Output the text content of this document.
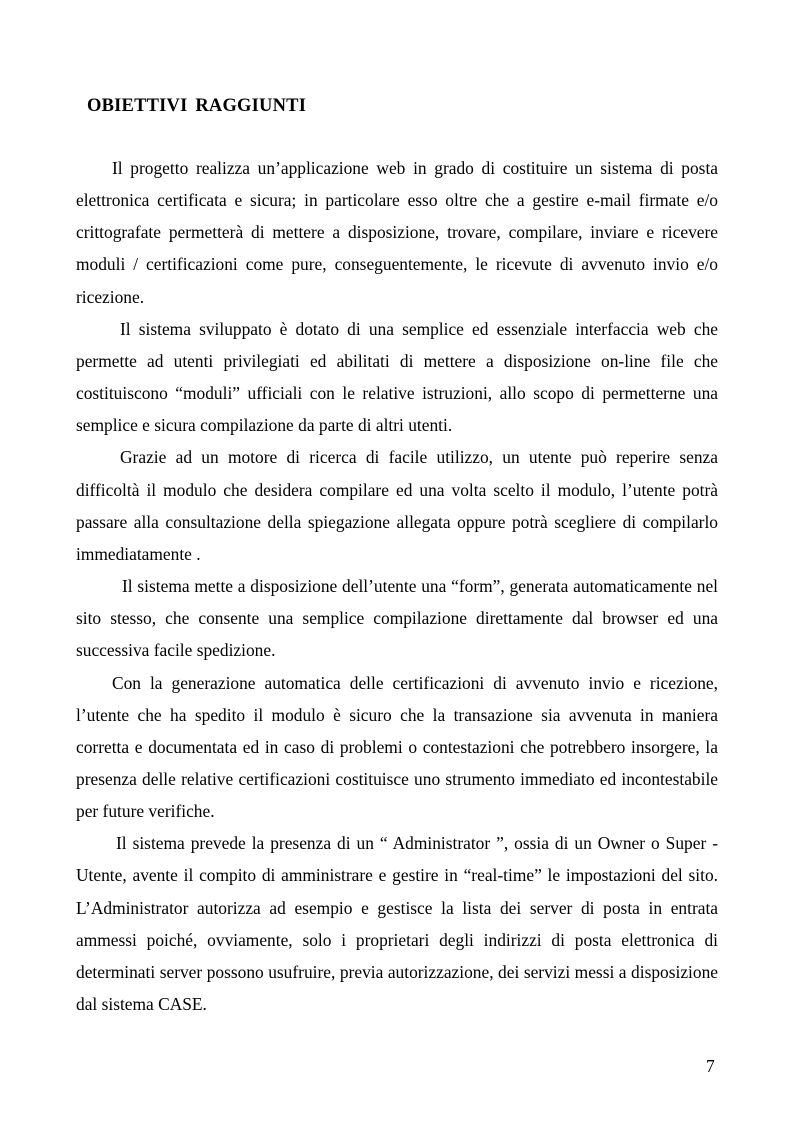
OBIETTIVI RAGGIUNTI

Il progetto realizza un’applicazione web in grado di costituire un sistema di posta elettronica certificata e sicura; in particolare esso oltre che a gestire e-mail firmate e/o crittografate permetterà di mettere a disposizione, trovare, compilare, inviare e ricevere moduli / certificazioni come pure, conseguentemente, le ricevute di avvenuto invio e/o ricezione.

Il sistema sviluppato è dotato di una semplice ed essenziale interfaccia web che permette ad utenti privilegiati ed abilitati di mettere a disposizione on-line file che costituiscono “moduli” ufficiali con le relative istruzioni, allo scopo di permetterne una semplice e sicura compilazione da parte di altri utenti.

Grazie ad un motore di ricerca di facile utilizzo, un utente può reperire senza difficoltà il modulo che desidera compilare ed una volta scelto il modulo, l’utente potrà passare alla consultazione della spiegazione allegata oppure potrà scegliere di compilarlo immediatamente .

Il sistema mette a disposizione dell’utente una “form”, generata automaticamente nel sito stesso, che consente una semplice compilazione direttamente dal browser ed una successiva facile spedizione.

Con la generazione automatica delle certificazioni di avvenuto invio e ricezione, l’utente che ha spedito il modulo è sicuro che la transazione sia avvenuta in maniera corretta e documentata ed in caso di problemi o contestazioni che potrebbero insorgere, la presenza delle relative certificazioni costituisce uno strumento immediato ed incontestabile per future verifiche.

Il sistema prevede la presenza di un “ Administrator ”, ossia di un Owner o Super -Utente, avente il compito di amministrare e gestire in “real-time” le impostazioni del sito. L’Administrator autorizza ad esempio e gestisce la lista dei server di posta in entrata ammessi poiché, ovviamente, solo i proprietari degli indirizzi di posta elettronica di determinati server possono usufruire, previa autorizzazione, dei servizi messi a disposizione dal sistema CASE.

7
